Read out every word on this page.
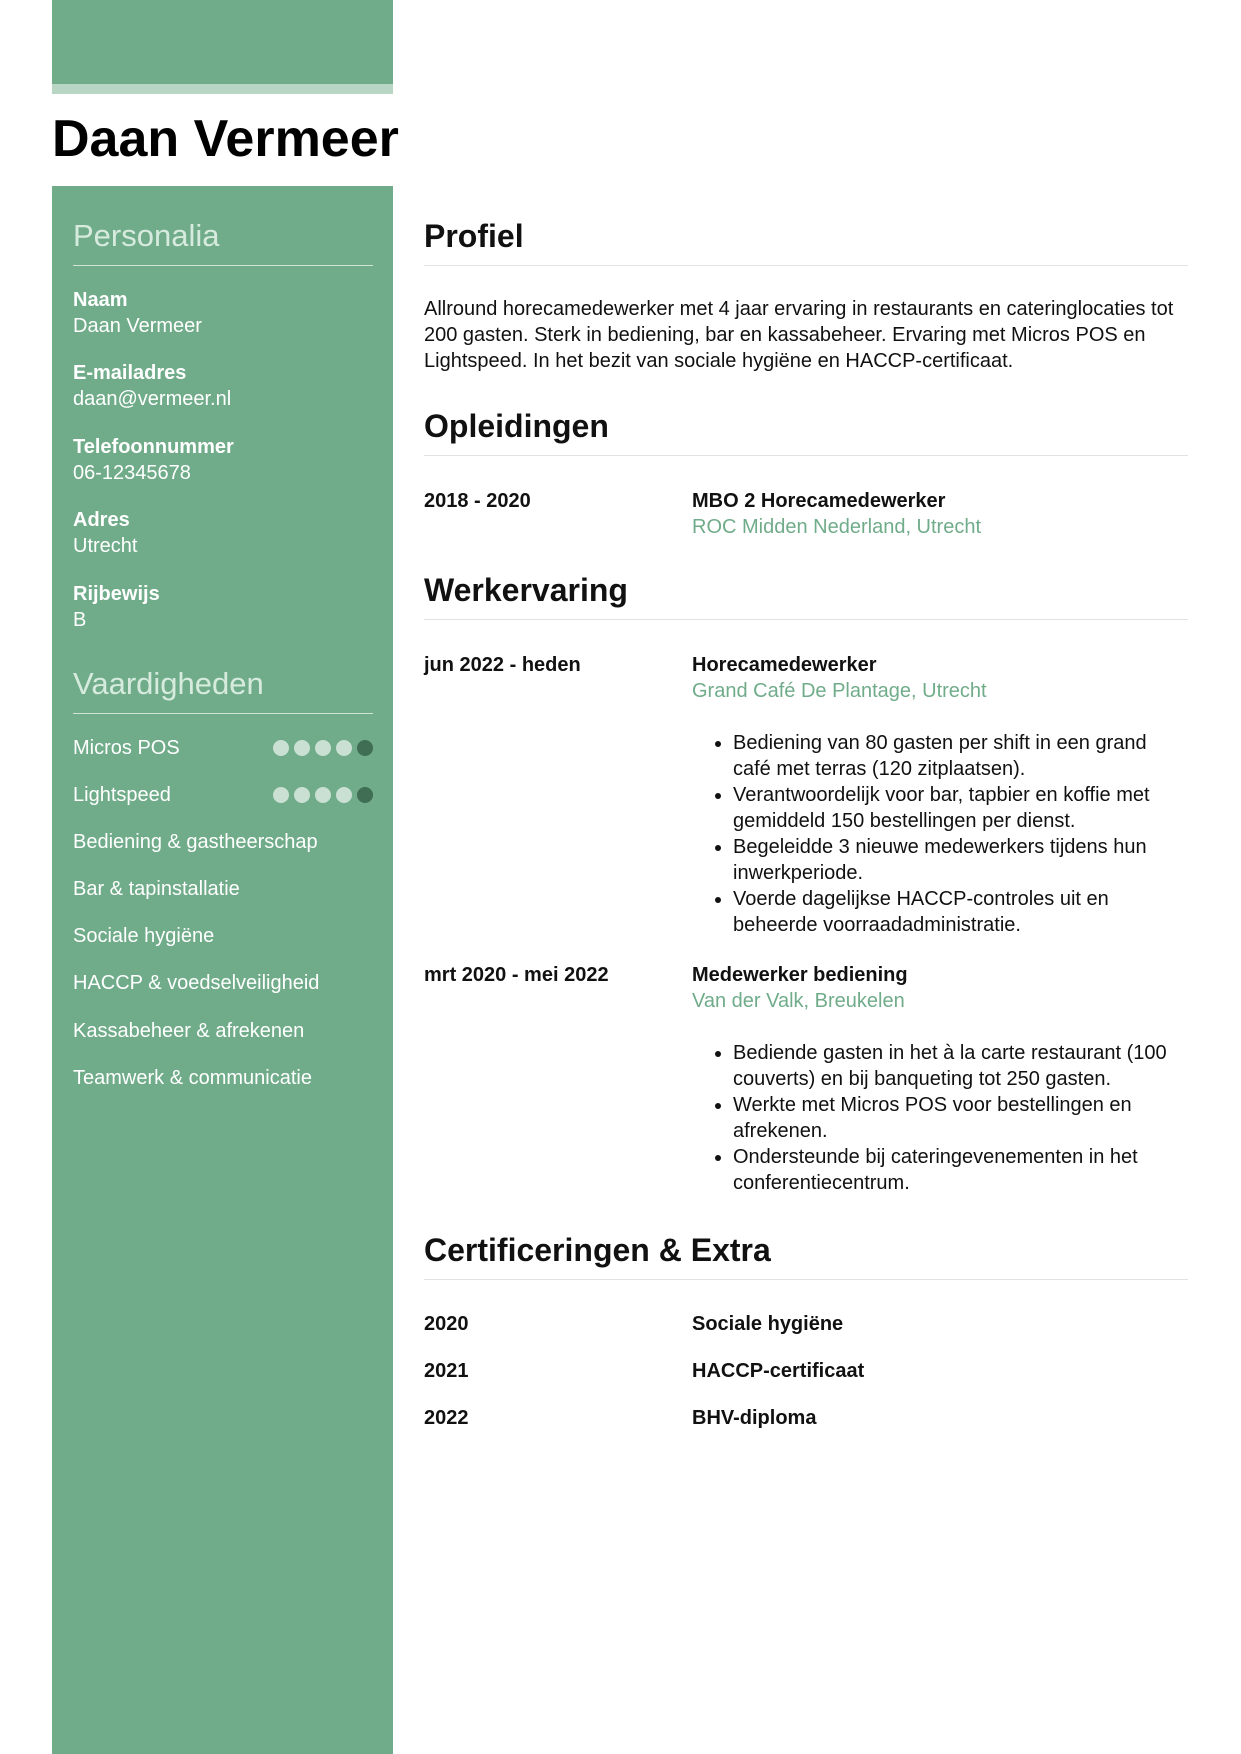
Daan Vermeer
Personalia
Naam
Daan Vermeer
E-mailadres
daan@vermeer.nl
Telefoonnummer
06-12345678
Adres
Utrecht
Rijbewijs
B
Vaardigheden
Micros POS
Lightspeed
Bediening & gastheerschap
Bar & tapinstallatie
Sociale hygiëne
HACCP & voedselveiligheid
Kassabeheer & afrekenen
Teamwerk & communicatie
Profiel

Allround horecamedewerker met 4 jaar ervaring in restaurants en cateringlocaties tot 200 gasten. Sterk in bediening, bar en kassabeheer. Ervaring met Micros POS en Lightspeed. In het bezit van sociale hygiëne en HACCP-certificaat.

Opleidingen
2018 - 2020	MBO 2 Horecamedewerker

ROC Midden Nederland, Utrecht

Werkervaring
jun 2022 - heden	Horecamedewerker

Grand Café De Plantage, Utrecht

• Bediening van 80 gasten per shift in een grand café met terras (120 zitplaatsen).
• Verantwoordelijk voor bar, tapbier en koffie met gemiddeld 150 bestellingen per dienst.
• Begeleidde 3 nieuwe medewerkers tijdens hun inwerkperiode.
• Voerde dagelijkse HACCP-controles uit en beheerde voorraadadministratie.
mrt 2020 - mei 2022	Medewerker bediening

Van der Valk, Breukelen

• Bediende gasten in het à la carte restaurant (100 couverts) en bij banqueting tot 250 gasten.
• Werkte met Micros POS voor bestellingen en afrekenen.
• Ondersteunde bij cateringevenementen in het conferentiecentrum.
Certificeringen & Extra
2020	Sociale hygiëne

2021	HACCP-certificaat

2022	BHV-diploma
